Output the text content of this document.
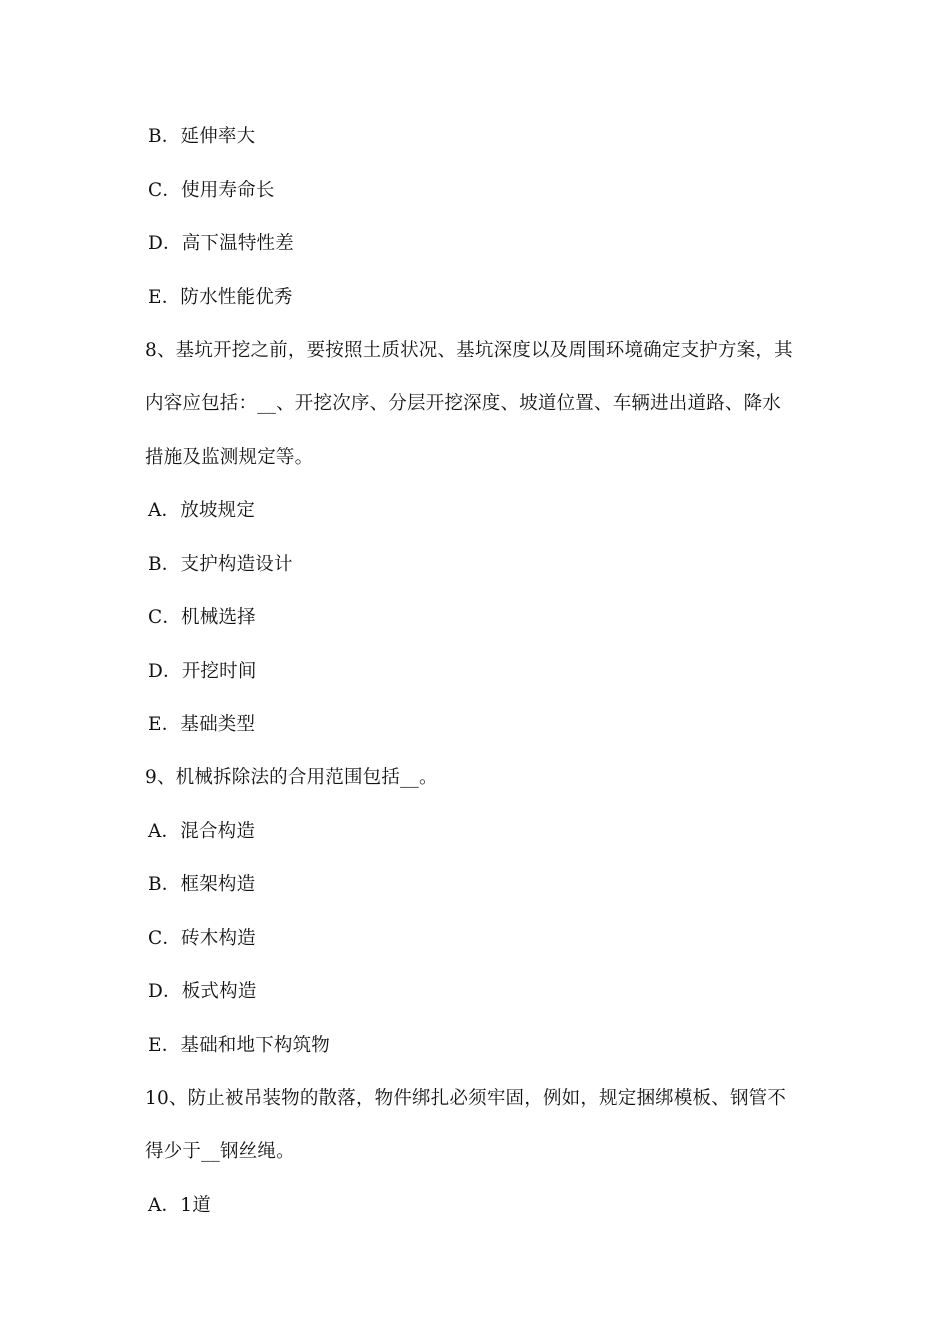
B．延伸率大
C．使用寿命长
D．高下温特性差
E．防水性能优秀
8、基坑开挖之前，要按照土质状况、基坑深度以及周围环境确定支护方案，其
内容应包括：__、开挖次序、分层开挖深度、坡道位置、车辆进出道路、降水
措施及监测规定等。
A．放坡规定
B．支护构造设计
C．机械选择
D．开挖时间
E．基础类型
9、机械拆除法的合用范围包括__。
A．混合构造
B．框架构造
C．砖木构造
D．板式构造
E．基础和地下构筑物
10、防止被吊装物的散落，物件绑扎必须牢固，例如，规定捆绑模板、钢管不
得少于__钢丝绳。
A．1道
